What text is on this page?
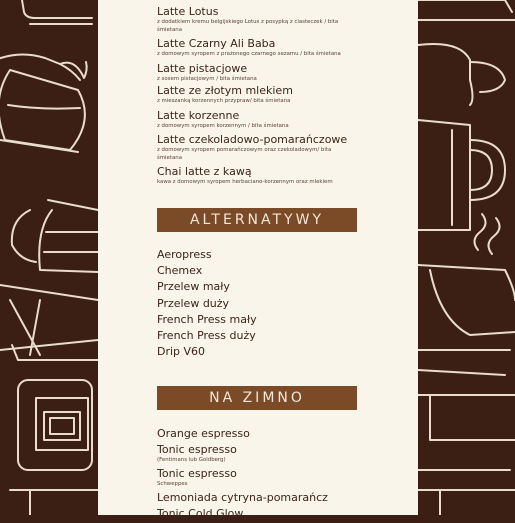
Latte Lotus
z dodatkiem kremu belgijskiego Lotus z posypką z ciasteczek / bita śmietana
Latte Czarny Ali Baba
z domowym syropem z prażonego czarnego sezamu / bita śmietana
Latte pistacjowe
z sosem pistacjowym / bita śmietana
Latte ze złotym mlekiem
z mieszanką korzennych przypraw/ bita śmietana
Latte korzenne
z domowym syropem korzennym / bita śmietana
Latte czekoladowo-pomarańczowe
z domowym syropem pomarańczowym oraz czekoladowym/ bita śmietana
Chai latte z kawą
kawa z domowym syropem herbaciano-korzennym oraz mlekiem
ALTERNATYWY
Aeropress
Chemex
Przelew mały
Przelew duży
French Press mały
French Press duży
Drip V60
NA ZIMNO
Orange espresso
Tonic espresso
(Fentimans lub Goldberg)
Tonic espresso
Schweppes
Lemoniada cytryna-pomarańcz
Tonic Cold Glow
